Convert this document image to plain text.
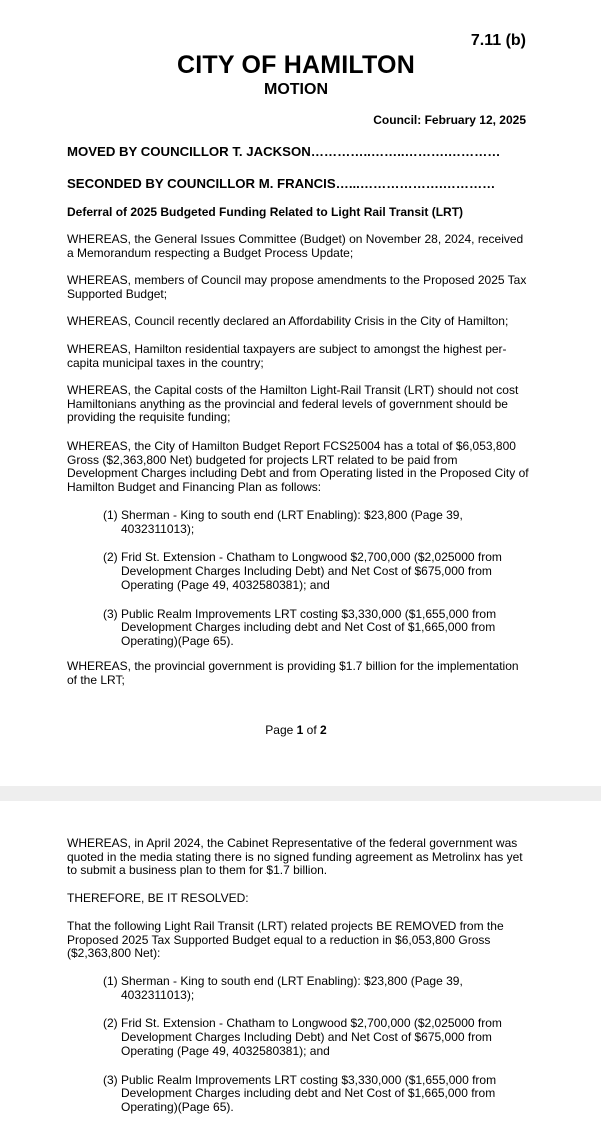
7.11 (b)
CITY OF HAMILTON
MOTION
Council: February 12, 2025
MOVED BY COUNCILLOR T. JACKSON…………..……..……….…………
SECONDED BY COUNCILLOR M. FRANCIS…...……………….…………
Deferral of 2025 Budgeted Funding Related to Light Rail Transit (LRT)
WHEREAS, the General Issues Committee (Budget) on November 28, 2024, received a Memorandum respecting a Budget Process Update;
WHEREAS, members of Council may propose amendments to the Proposed 2025 Tax Supported Budget;
WHEREAS, Council recently declared an Affordability Crisis in the City of Hamilton;
WHEREAS, Hamilton residential taxpayers are subject to amongst the highest per-capita municipal taxes in the country;
WHEREAS, the Capital costs of the Hamilton Light-Rail Transit (LRT) should not cost Hamiltonians anything as the provincial and federal levels of government should be providing the requisite funding;
WHEREAS, the City of Hamilton Budget Report FCS25004 has a total of $6,053,800 Gross ($2,363,800 Net) budgeted for projects LRT related to be paid from Development Charges including Debt and from Operating listed in the Proposed City of Hamilton Budget and Financing Plan as follows:
(1) Sherman - King to south end (LRT Enabling): $23,800 (Page 39, 4032311013);
(2) Frid St. Extension - Chatham to Longwood $2,700,000 ($2,025000 from Development Charges Including Debt) and Net Cost of $675,000 from Operating (Page 49, 4032580381); and
(3) Public Realm Improvements LRT costing $3,330,000 ($1,655,000 from Development Charges including debt and Net Cost of $1,665,000 from Operating)(Page 65).
WHEREAS, the provincial government is providing $1.7 billion for the implementation of the LRT;
Page 1 of 2
WHEREAS, in April 2024, the Cabinet Representative of the federal government was quoted in the media stating there is no signed funding agreement as Metrolinx has yet to submit a business plan to them for $1.7 billion.
THEREFORE, BE IT RESOLVED:
That the following Light Rail Transit (LRT) related projects BE REMOVED from the Proposed 2025 Tax Supported Budget equal to a reduction in $6,053,800 Gross ($2,363,800 Net):
(1) Sherman - King to south end (LRT Enabling): $23,800 (Page 39, 4032311013);
(2) Frid St. Extension - Chatham to Longwood $2,700,000 ($2,025000 from Development Charges Including Debt) and Net Cost of $675,000 from Operating (Page 49, 4032580381); and
(3) Public Realm Improvements LRT costing $3,330,000 ($1,655,000 from Development Charges including debt and Net Cost of $1,665,000 from Operating)(Page 65).
